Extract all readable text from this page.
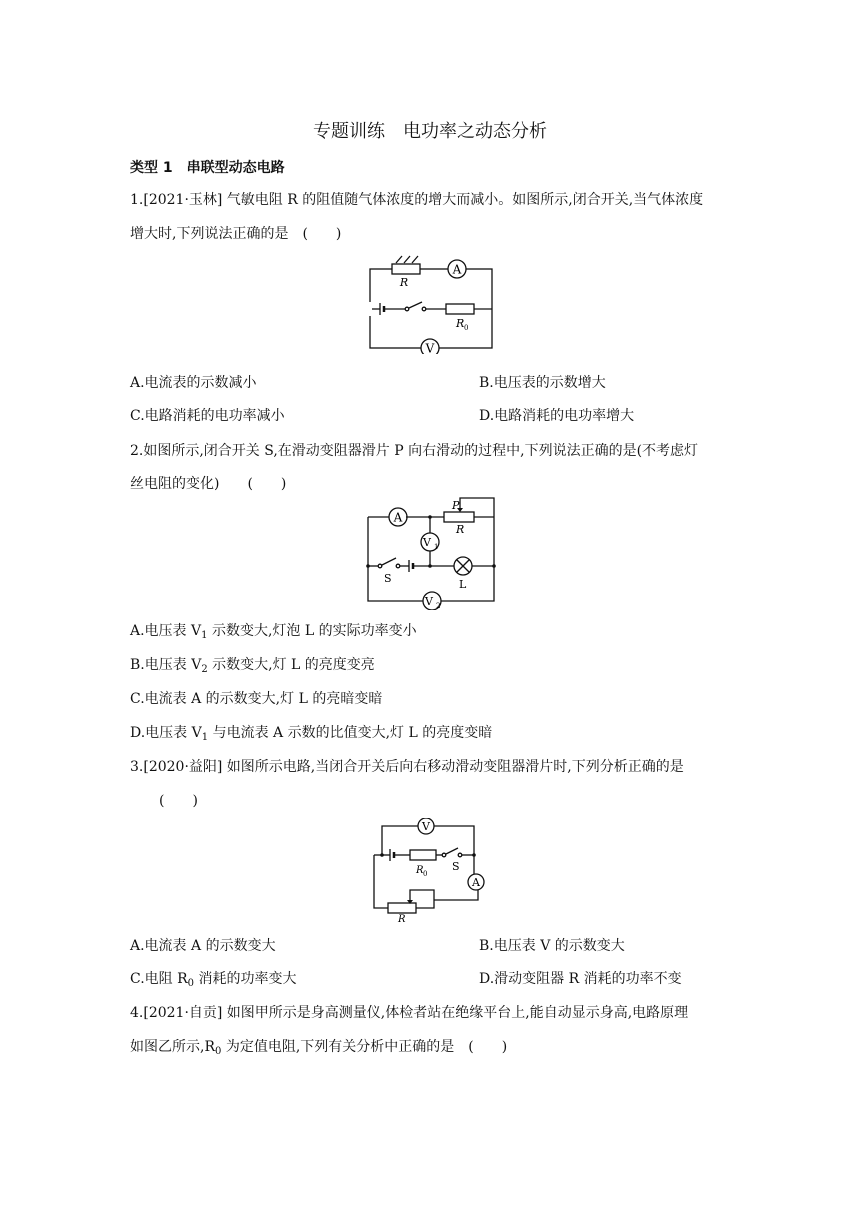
专题训练　电功率之动态分析
类型 1　串联型动态电路
1.[2021·玉林] 气敏电阻 R 的阻值随气体浓度的增大而减小。如图所示,闭合开关,当气体浓度
增大时,下列说法正确的是　(　　)
A
V
R
R 0
A.电流表的示数减小	B.电压表的示数增大
C.电路消耗的电功率减小	D.电路消耗的电功率增大
2.如图所示,闭合开关 S,在滑动变阻器滑片 P 向右滑动的过程中,下列说法正确的是(不考虑灯
丝电阻的变化)　　(　　)
A
V 1
V 2
P
R
S	L
A.电压表 $V_1$ 示数变大,灯泡 L 的实际功率变小
B.电压表 $V_2$ 示数变大,灯 L 的亮度变亮
C.电流表 A 的示数变大,灯 L 的亮暗变暗
D.电压表 $V_1$ 与电流表 A 示数的比值变大,灯 L 的亮度变暗
3.[2020·益阳] 如图所示电路,当闭合开关后向右移动滑动变阻器滑片时,下列分析正确的是
(　　)
V
A
R 0
S
R
A.电流表 A 的示数变大	B.电压表 V 的示数变大
C.电阻 $R_0$ 消耗的功率变大	D.滑动变阻器 R 消耗的功率不变
4.[2021·自贡] 如图甲所示是身高测量仪,体检者站在绝缘平台上,能自动显示身高,电路原理
如图乙所示$,R_0$ 为定值电阻,下列有关分析中正确的是　(　　)
